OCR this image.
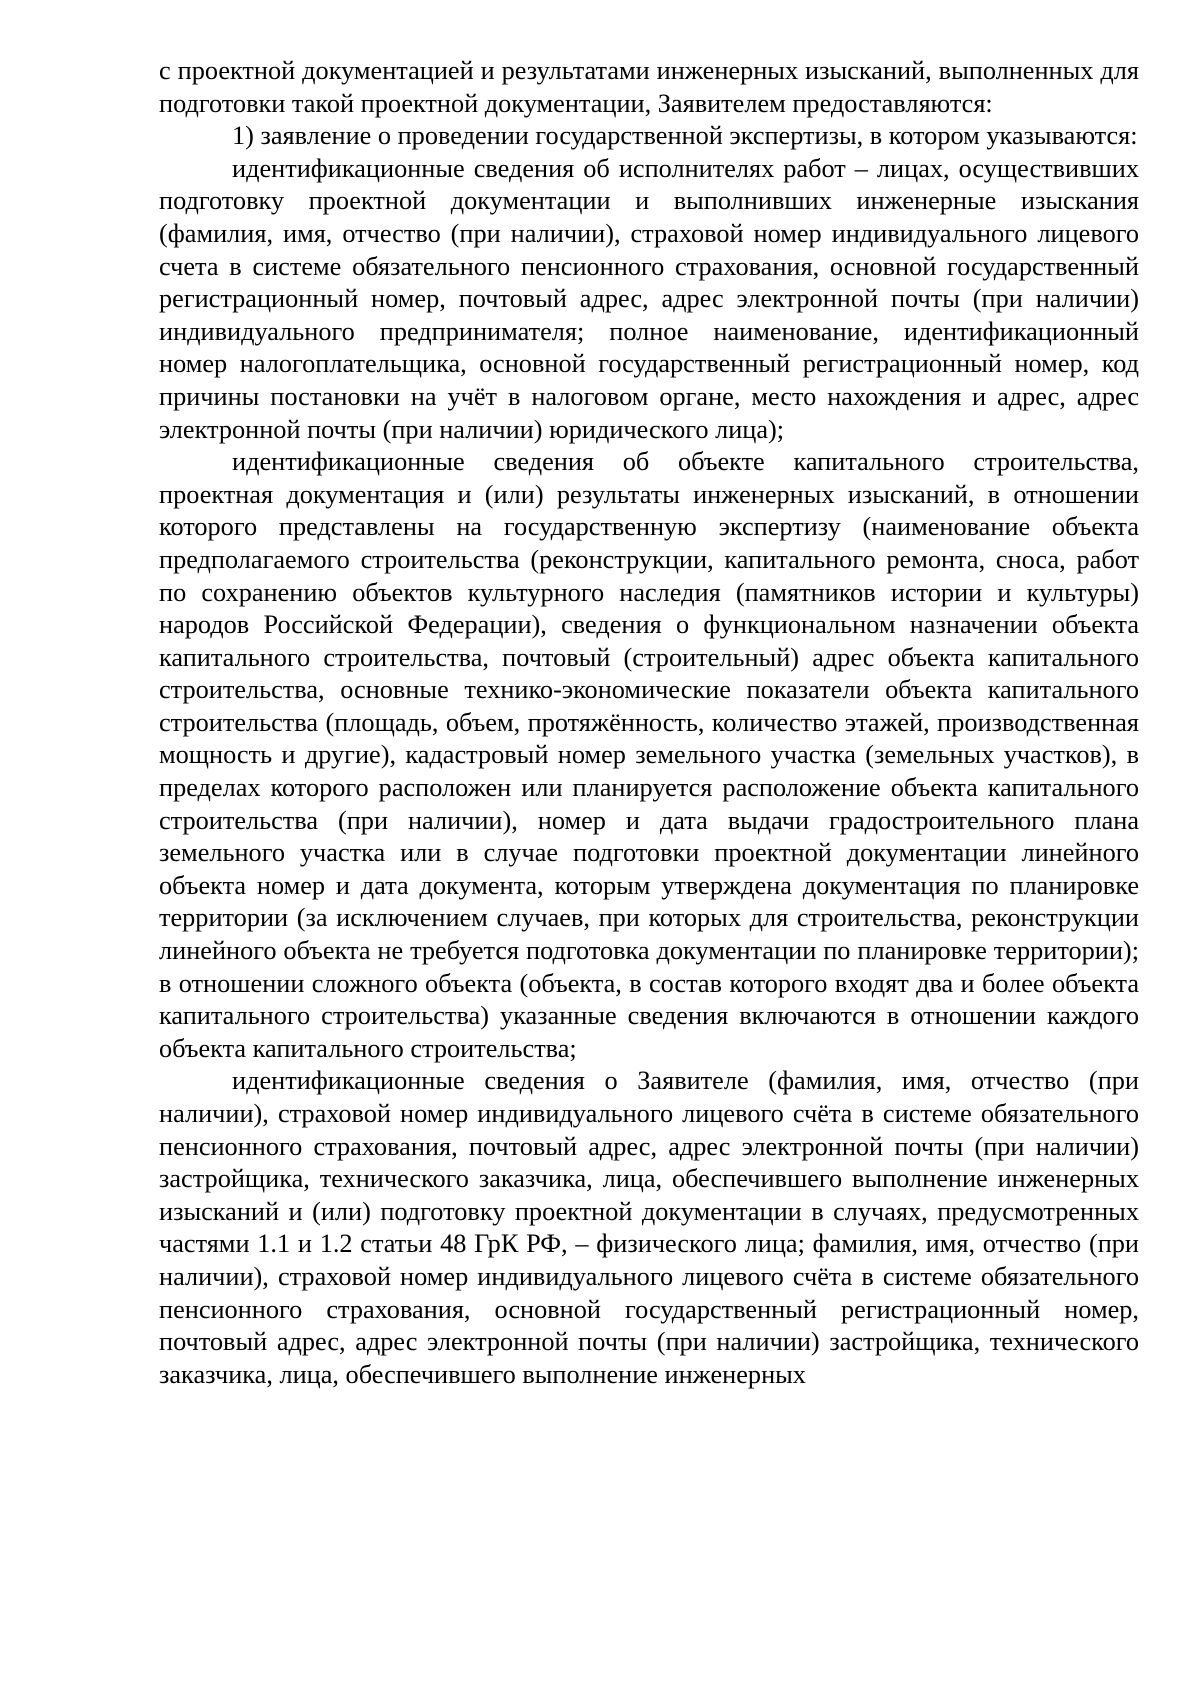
с проектной документацией и результатами инженерных изысканий, выполненных для подготовки такой проектной документации, Заявителем предоставляются:

1) заявление о проведении государственной экспертизы, в котором указываются:

идентификационные сведения об исполнителях работ – лицах, осуществивших подготовку проектной документации и выполнивших инженерные изыскания (фамилия, имя, отчество (при наличии), страховой номер индивидуального лицевого счета в системе обязательного пенсионного страхования, основной государственный регистрационный номер, почтовый адрес, адрес электронной почты (при наличии) индивидуального предпринимателя; полное наименование, идентификационный номер налогоплательщика, основной государственный регистрационный номер, код причины постановки на учёт в налоговом органе, место нахождения и адрес, адрес электронной почты (при наличии) юридического лица);

идентификационные сведения об объекте капитального строительства, проектная документация и (или) результаты инженерных изысканий, в отношении которого представлены на государственную экспертизу (наименование объекта предполагаемого строительства (реконструкции, капитального ремонта, сноса, работ по сохранению объектов культурного наследия (памятников истории и культуры) народов Российской Федерации), сведения о функциональном назначении объекта капитального строительства, почтовый (строительный) адрес объекта капитального строительства, основные технико-экономические показатели объекта капитального строительства (площадь, объем, протяжённость, количество этажей, производственная мощность и другие), кадастровый номер земельного участка (земельных участков), в пределах которого расположен или планируется расположение объекта капитального строительства (при наличии), номер и дата выдачи градостроительного плана земельного участка или в случае подготовки проектной документации линейного объекта номер и дата документа, которым утверждена документация по планировке территории (за исключением случаев, при которых для строительства, реконструкции линейного объекта не требуется подготовка документации по планировке территории); в отношении сложного объекта (объекта, в состав которого входят два и более объекта капитального строительства) указанные сведения включаются в отношении каждого объекта капитального строительства;

идентификационные сведения о Заявителе (фамилия, имя, отчество (при наличии), страховой номер индивидуального лицевого счёта в системе обязательного пенсионного страхования, почтовый адрес, адрес электронной почты (при наличии) застройщика, технического заказчика, лица, обеспечившего выполнение инженерных изысканий и (или) подготовку проектной документации в случаях, предусмотренных частями 1.1 и 1.2 статьи 48 ГрК РФ, – физического лица; фамилия, имя, отчество (при наличии), страховой номер индивидуального лицевого счёта в системе обязательного пенсионного страхования, основной государственный регистрационный номер, почтовый адрес, адрес электронной почты (при наличии) застройщика, технического заказчика, лица, обеспечившего выполнение инженерных
